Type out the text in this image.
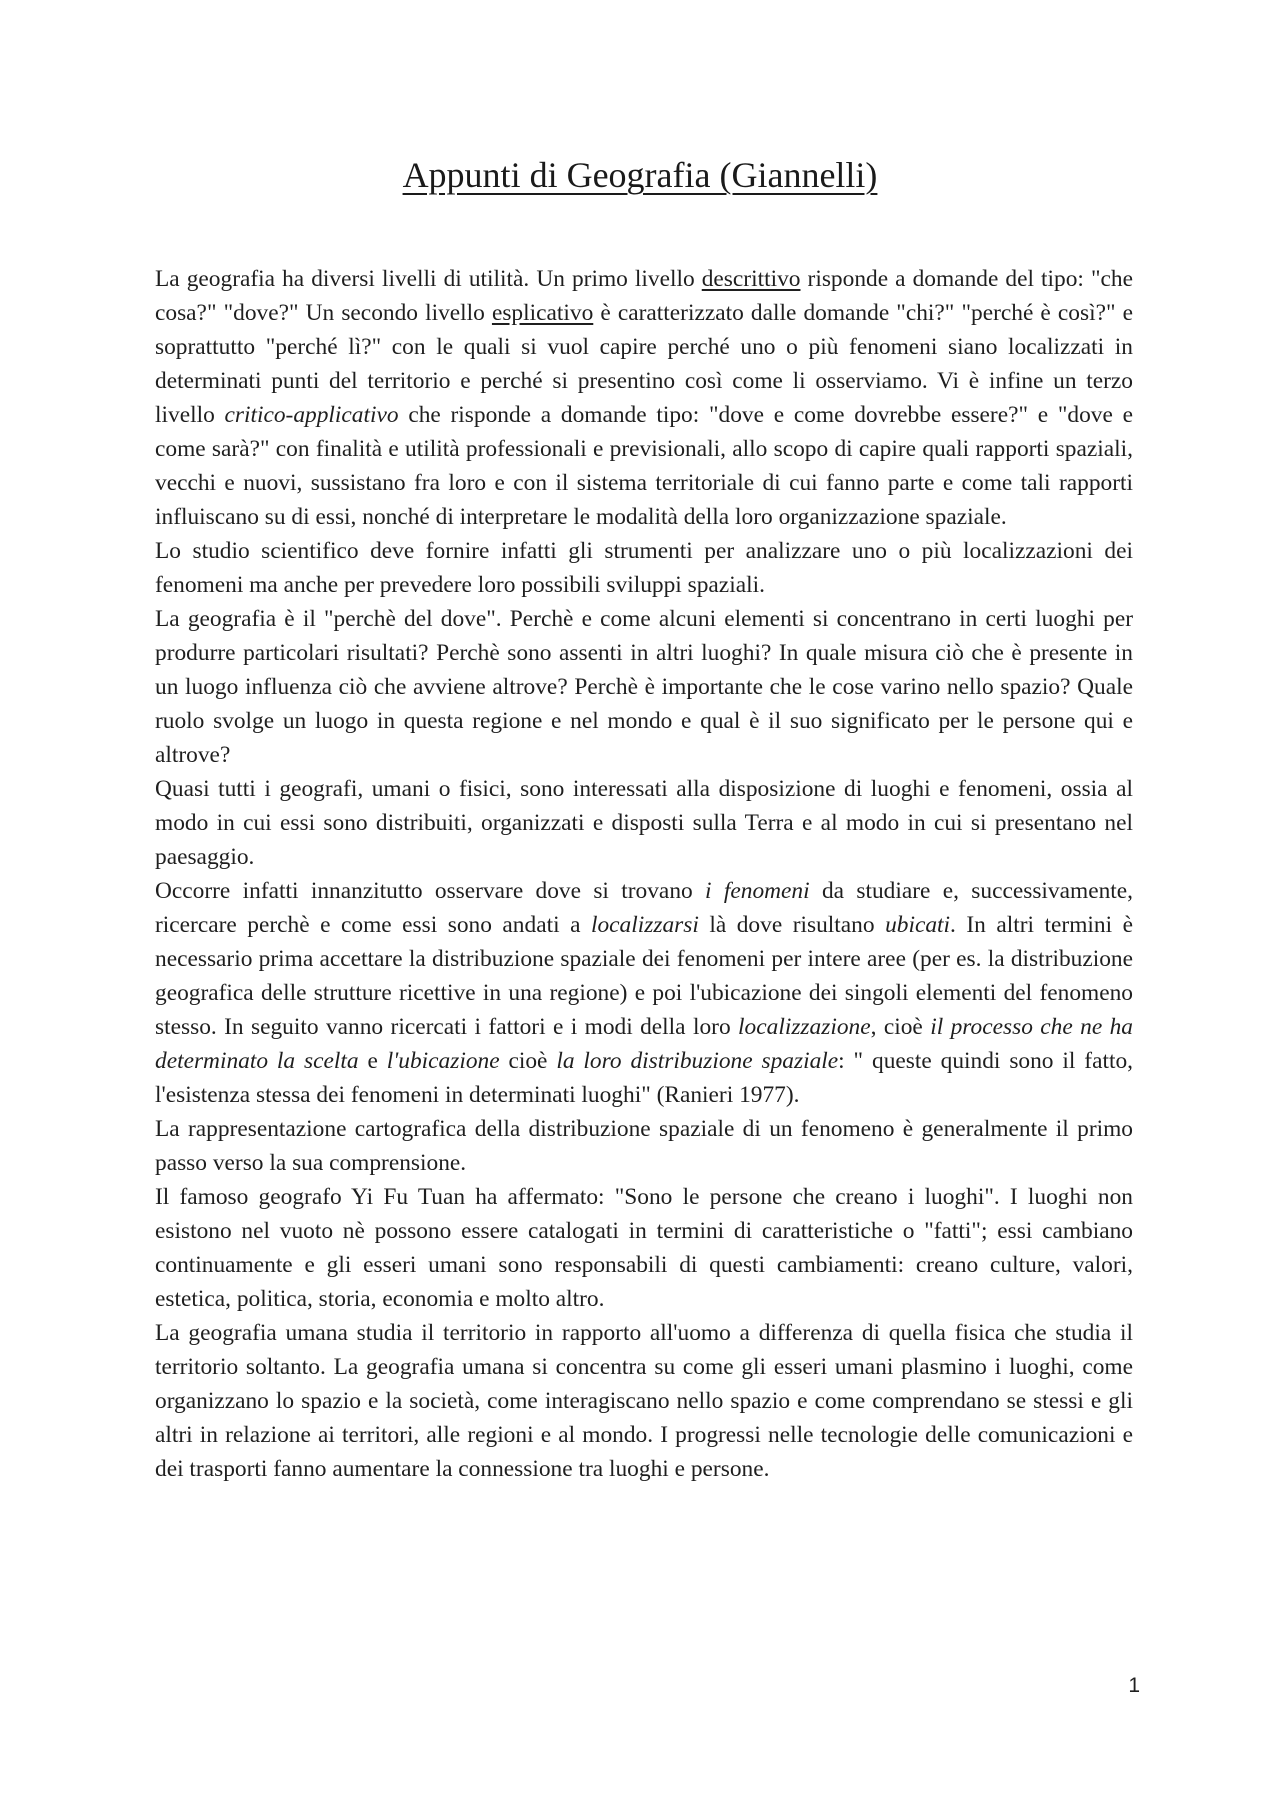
Appunti di Geografia (Giannelli)

La geografia ha diversi livelli di utilità. Un primo livello descrittivo risponde a domande del tipo: "che cosa?" "dove?" Un secondo livello esplicativo è caratterizzato dalle domande "chi?" "perché è così?" e soprattutto "perché lì?" con le quali si vuol capire perché uno o più fenomeni siano localizzati in determinati punti del territorio e perché si presentino così come li osserviamo. Vi è infine un terzo livello critico-applicativo che risponde a domande tipo: "dove e come dovrebbe essere?" e "dove e come sarà?" con finalità e utilità professionali e previsionali, allo scopo di capire quali rapporti spaziali, vecchi e nuovi, sussistano fra loro e con il sistema territoriale di cui fanno parte e come tali rapporti influiscano su di essi, nonché di interpretare le modalità della loro organizzazione spaziale.

Lo studio scientifico deve fornire infatti gli strumenti per analizzare uno o più localizzazioni dei fenomeni ma anche per prevedere loro possibili sviluppi spaziali.

La geografia è il "perchè del dove". Perchè e come alcuni elementi si concentrano in certi luoghi per produrre particolari risultati? Perchè sono assenti in altri luoghi? In quale misura ciò che è presente in un luogo influenza ciò che avviene altrove? Perchè è importante che le cose varino nello spazio? Quale ruolo svolge un luogo in questa regione e nel mondo e qual è il suo significato per le persone qui e altrove?

Quasi tutti i geografi, umani o fisici, sono interessati alla disposizione di luoghi e fenomeni, ossia al modo in cui essi sono distribuiti, organizzati e disposti sulla Terra e al modo in cui si presentano nel paesaggio.

Occorre infatti innanzitutto osservare dove si trovano i fenomeni da studiare e, successivamente, ricercare perchè e come essi sono andati a localizzarsi là dove risultano ubicati. In altri termini è necessario prima accettare la distribuzione spaziale dei fenomeni per intere aree (per es. la distribuzione geografica delle strutture ricettive in una regione) e poi l'ubicazione dei singoli elementi del fenomeno stesso. In seguito vanno ricercati i fattori e i modi della loro localizzazione, cioè il processo che ne ha determinato la scelta e l'ubicazione cioè la loro distribuzione spaziale: " queste quindi sono il fatto, l'esistenza stessa dei fenomeni in determinati luoghi" (Ranieri 1977).

La rappresentazione cartografica della distribuzione spaziale di un fenomeno è generalmente il primo passo verso la sua comprensione.

Il famoso geografo Yi Fu Tuan ha affermato: "Sono le persone che creano i luoghi". I luoghi non esistono nel vuoto nè possono essere catalogati in termini di caratteristiche o "fatti"; essi cambiano continuamente e gli esseri umani sono responsabili di questi cambiamenti: creano culture, valori, estetica, politica, storia, economia e molto altro.

La geografia umana studia il territorio in rapporto all'uomo a differenza di quella fisica che studia il territorio soltanto. La geografia umana si concentra su come gli esseri umani plasmino i luoghi, come organizzano lo spazio e la società, come interagiscano nello spazio e come comprendano se stessi e gli altri in relazione ai territori, alle regioni e al mondo. I progressi nelle tecnologie delle comunicazioni e dei trasporti fanno aumentare la connessione tra luoghi e persone.

1
